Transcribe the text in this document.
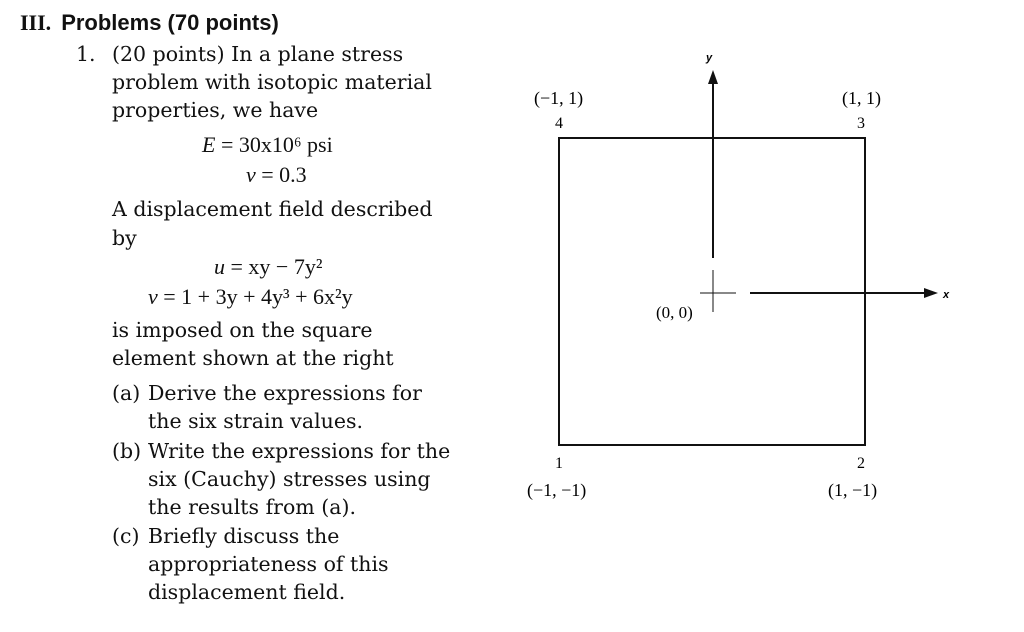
III. Problems (70 points)
1. (20 points) In a plane stress
problem with isotopic material
properties, we have
E = 30x10⁶ psi
v = 0.3
A displacement field described
by
u = xy − 7y²
v = 1 + 3y + 4y³ + 6x²y
is imposed on the square
element shown at the right
(a) Derive the expressions for
the six strain values.
(b) Write the expressions for the
six (Cauchy) stresses using
the results from (a).
(c) Briefly discuss the
appropriateness of this
displacement field.
y
x
(0, 0)
(−1, 1)
4
(1, 1)
3
1
(−1, −1)
2
(1, −1)
